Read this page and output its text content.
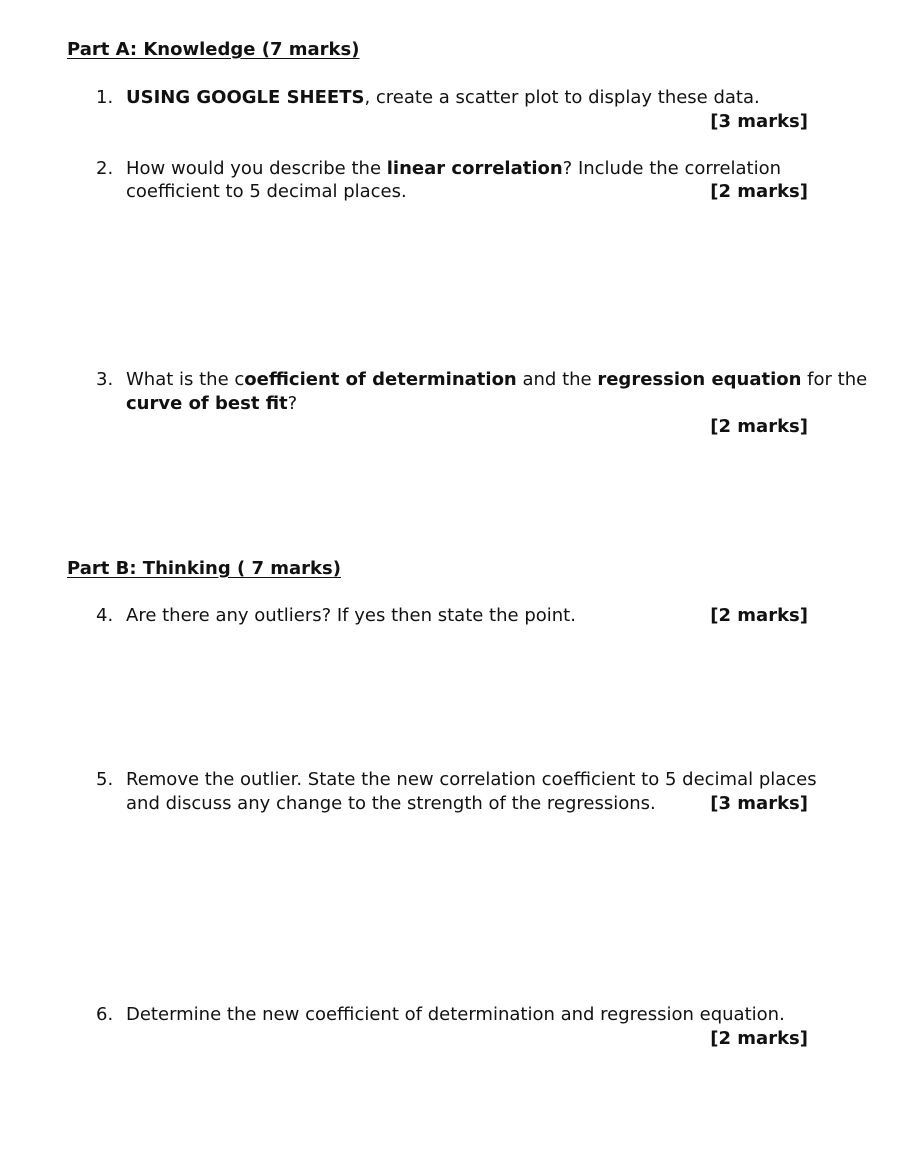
Part A: Knowledge (7 marks)
1. USING GOOGLE SHEETS, create a scatter plot to display these data.
[3 marks]
2. How would you describe the linear correlation? Include the correlation
coefficient to 5 decimal places.	[2 marks]
3. What is the coefficient of determination and the regression equation for the
curve of best fit?
[2 marks]
Part B: Thinking ( 7 marks)
4. Are there any outliers? If yes then state the point.	[2 marks]
5. Remove the outlier. State the new correlation coefficient to 5 decimal places
and discuss any change to the strength of the regressions.	[3 marks]
6. Determine the new coefficient of determination and regression equation.
[2 marks]
